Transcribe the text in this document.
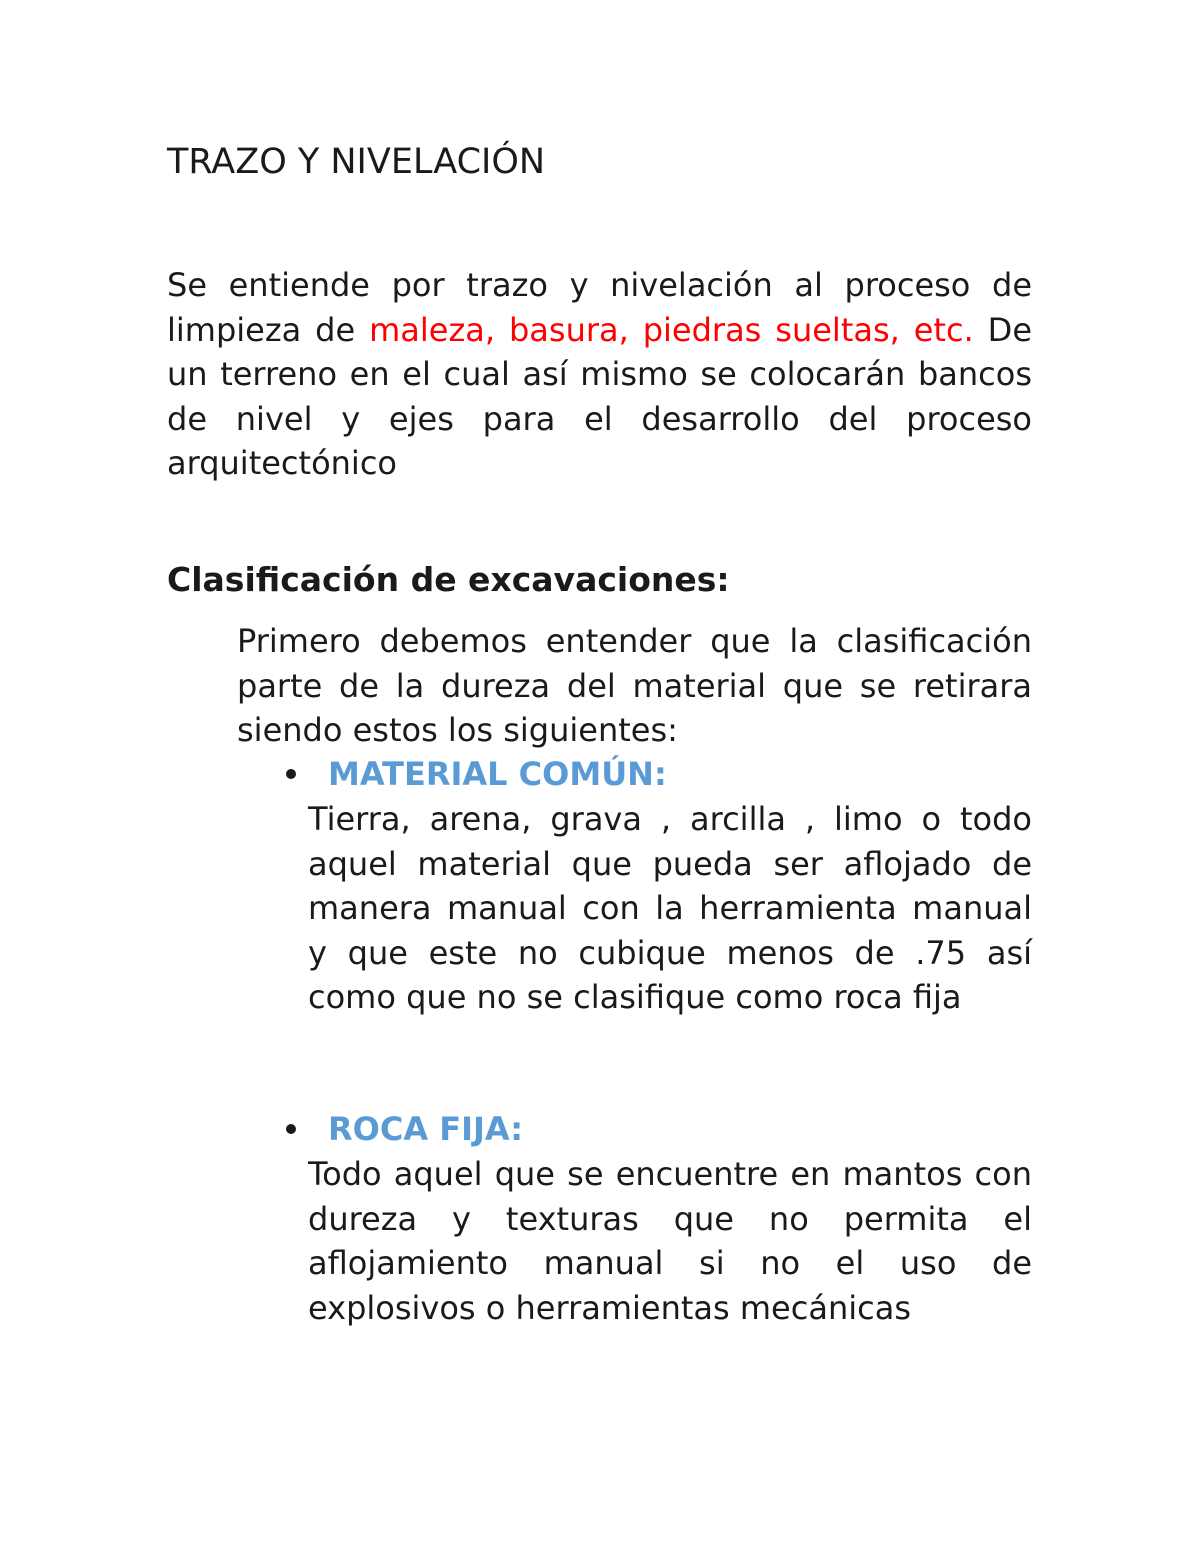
TRAZO Y NIVELACIÓN

Se entiende por trazo y nivelación al proceso de limpieza de maleza, basura, piedras sueltas, etc. De un terreno en el cual así mismo se colocarán bancos de nivel y ejes para el desarrollo del proceso arquitectónico

Clasificación de excavaciones:

Primero debemos entender que la clasificación parte de la dureza del material que se retirara siendo estos los siguientes:

MATERIAL COMÚN:

Tierra, arena, grava , arcilla , limo o todo aquel material que pueda ser aflojado de manera manual con la herramienta manual y que este no cubique menos de .75 así como que no se clasifique como roca fija

ROCA FIJA:

Todo aquel que se encuentre en mantos con dureza y texturas que no permita el aflojamiento manual si no el uso de explosivos o herramientas mecánicas
